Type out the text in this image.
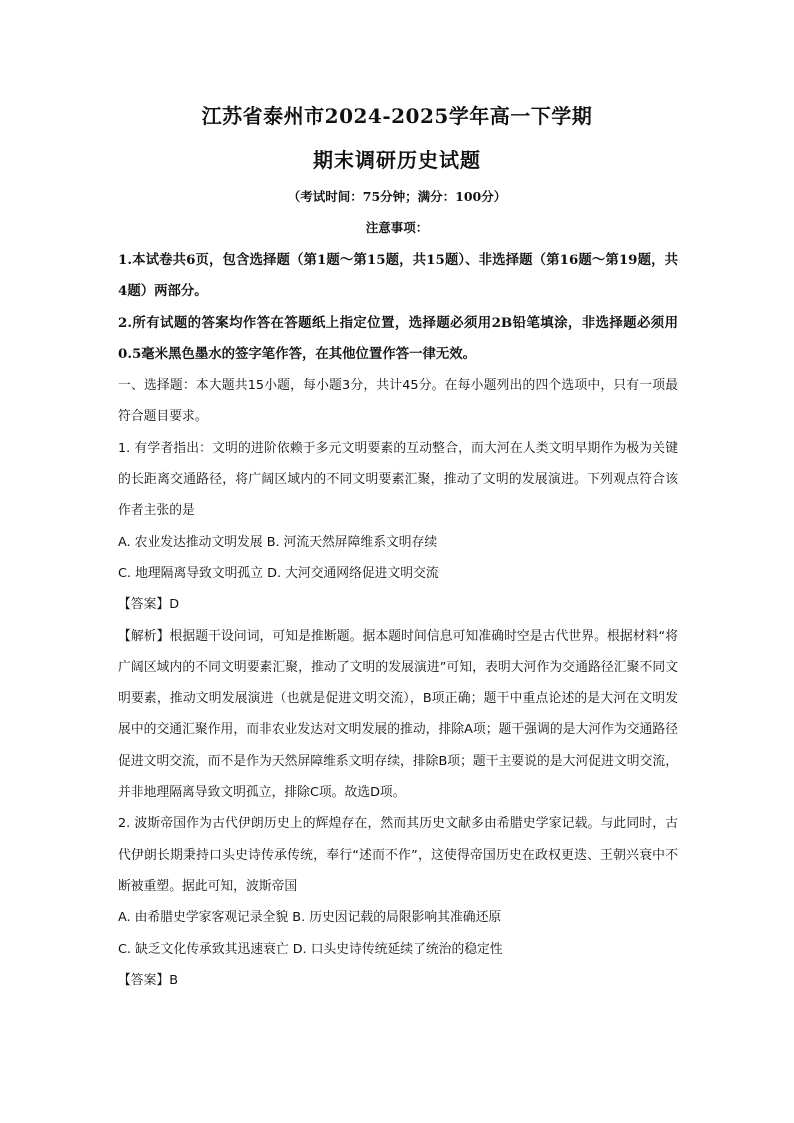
江苏省泰州市2024-2025学年高一下学期
期末调研历史试题
（考试时间：75分钟；满分：100分）
注意事项：

1.本试卷共6页，包含选择题（第1题～第15题，共15题）、非选择题（第16题～第19题，共4题）两部分。

2.所有试题的答案均作答在答题纸上指定位置，选择题必须用2B铅笔填涂，非选择题必须用0.5毫米黑色墨水的签字笔作答，在其他位置作答一律无效。

一、选择题：本大题共15小题，每小题3分，共计45分。在每小题列出的四个选项中，只有一项最符合题目要求。

1. 有学者指出：文明的进阶依赖于多元文明要素的互动整合，而大河在人类文明早期作为极为关键的长距离交通路径，将广阔区域内的不同文明要素汇聚，推动了文明的发展演进。下列观点符合该作者主张的是

A. 农业发达推动文明发展 B. 河流天然屏障维系文明存续

C. 地理隔离导致文明孤立 D. 大河交通网络促进文明交流

【答案】D

【解析】根据题干设问词，可知是推断题。据本题时间信息可知准确时空是古代世界。根据材料“将广阔区域内的不同文明要素汇聚，推动了文明的发展演进”可知，表明大河作为交通路径汇聚不同文明要素，推动文明发展演进（也就是促进文明交流），B项正确；题干中重点论述的是大河在文明发展中的交通汇聚作用，而非农业发达对文明发展的推动，排除A项；题干强调的是大河作为交通路径促进文明交流，而不是作为天然屏障维系文明存续，排除B项；题干主要说的是大河促进文明交流，并非地理隔离导致文明孤立，排除C项。故选D项。

2. 波斯帝国作为古代伊朗历史上的辉煌存在，然而其历史文献多由希腊史学家记载。与此同时，古代伊朗长期秉持口头史诗传承传统，奉行“述而不作”，这使得帝国历史在政权更迭、王朝兴衰中不断被重塑。据此可知，波斯帝国

A. 由希腊史学家客观记录全貌 B. 历史因记载的局限影响其准确还原

C. 缺乏文化传承致其迅速衰亡 D. 口头史诗传统延续了统治的稳定性

【答案】B
